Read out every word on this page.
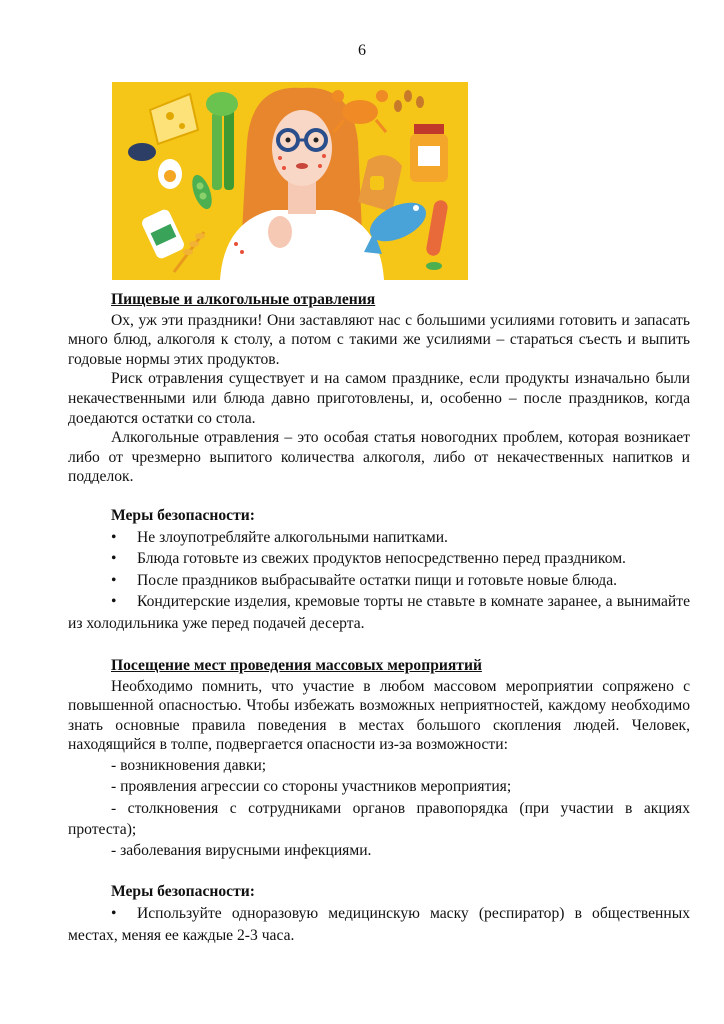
6
Пищевые и алкогольные отравления

Ох, уж эти праздники! Они заставляют нас с большими усилиями готовить и запасать много блюд, алкоголя к столу, а потом с такими же усилиями – стараться съесть и выпить годовые нормы этих продуктов.

Риск отравления существует и на самом празднике, если продукты изначально были некачественными или блюда давно приготовлены, и, особенно – после праздников, когда доедаются остатки со стола.

Алкогольные отравления – это особая статья новогодних проблем, которая возникает либо от чрезмерно выпитого количества алкоголя, либо от некачественных напитков и подделок.

Меры безопасности:
• Не злоупотребляйте алкогольными напитками.
• Блюда готовьте из свежих продуктов непосредственно перед праздником.
• После праздников выбрасывайте остатки пищи и готовьте новые блюда.
• Кондитерские изделия, кремовые торты не ставьте в комнате заранее, а вынимайте из холодильника уже перед подачей десерта.
Посещение мест проведения массовых мероприятий

Необходимо помнить, что участие в любом массовом мероприятии сопряжено с повышенной опасностью. Чтобы избежать возможных неприятностей, каждому необходимо знать основные правила поведения в местах большого скопления людей. Человек, находящийся в толпе, подвергается опасности из-за возможности:

- возникновения давки;
- проявления агрессии со стороны участников мероприятия;
- столкновения с сотрудниками органов правопорядка (при участии в акциях протеста);
- заболевания вирусными инфекциями.
Меры безопасности:
• Используйте одноразовую медицинскую маску (респиратор) в общественных местах, меняя ее каждые 2-3 часа.
